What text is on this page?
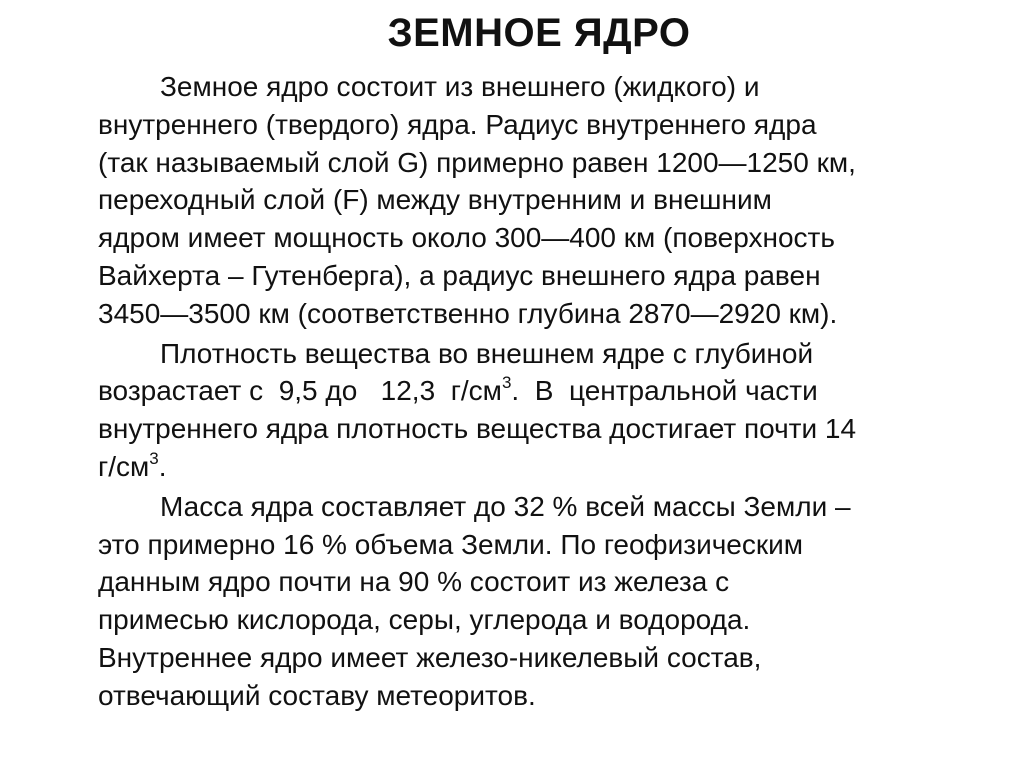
ЗЕМНОЕ ЯДРО
Земное ядро состоит из внешнего (жидкого) и
внутреннего (твердого) ядра. Радиус внутреннего ядра
(так называемый слой G) примерно равен 1200—1250 км,
переходный слой (F) между внутренним и внешним
ядром имеет мощность около 300—400 км (поверхность
Вайхерта – Гутенберга), а радиус внешнего ядра равен
3450—3500 км (соответственно глубина 2870—2920 км).
Плотность вещества во внешнем ядре с глубиной
возрастает с  9,5 до   12,3  $г/см^3$.  В  центральной части
внутреннего ядра плотность вещества достигает почти 14
$г/см^3$.
Масса ядра составляет до 32 % всей массы Земли –
это примерно 16 % объема Земли. По геофизическим
данным ядро почти на 90 % состоит из железа с
примесью кислорода, серы, углерода и водорода.
Внутреннее ядро имеет железо-никелевый состав,
отвечающий составу метеоритов.
